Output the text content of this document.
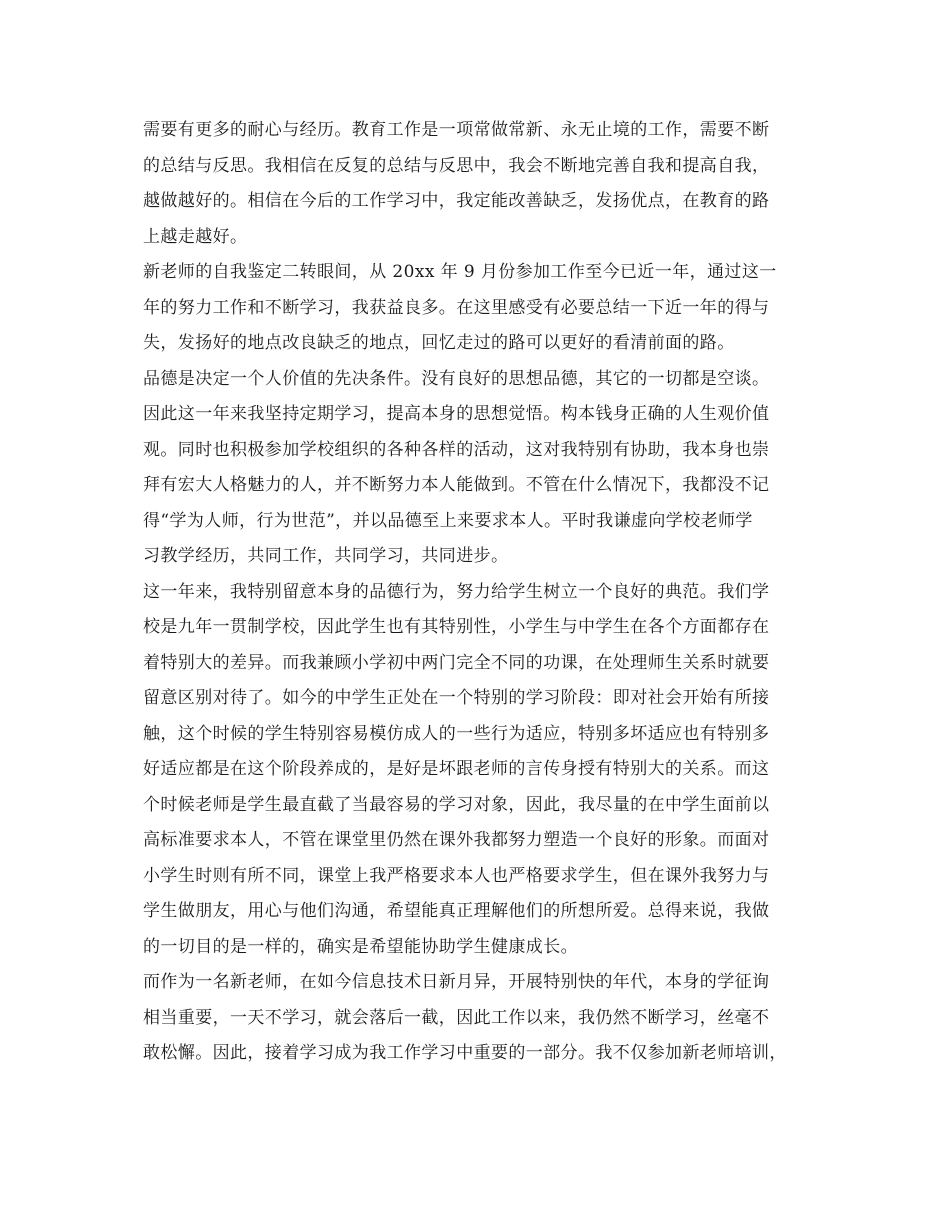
需要有更多的耐心与经历。教育工作是一项常做常新、永无止境的工作，需要不断
的总结与反思。我相信在反复的总结与反思中，我会不断地完善自我和提高自我，
越做越好的。相信在今后的工作学习中，我定能改善缺乏，发扬优点，在教育的路
上越走越好。
新老师的自我鉴定二转眼间，从 20xx 年 9 月份参加工作至今已近一年，通过这一
年的努力工作和不断学习，我获益良多。在这里感受有必要总结一下近一年的得与
失，发扬好的地点改良缺乏的地点，回忆走过的路可以更好的看清前面的路。
品德是决定一个人价值的先决条件。没有良好的思想品德，其它的一切都是空谈。
因此这一年来我坚持定期学习，提高本身的思想觉悟。构本钱身正确的人生观价值
观。同时也积极参加学校组织的各种各样的活动，这对我特别有协助，我本身也崇
拜有宏大人格魅力的人，并不断努力本人能做到。不管在什么情况下，我都没不记
得“学为人师，行为世范”，并以品德至上来要求本人。平时我谦虚向学校老师学
习教学经历，共同工作，共同学习，共同进步。
这一年来，我特别留意本身的品德行为，努力给学生树立一个良好的典范。我们学
校是九年一贯制学校，因此学生也有其特别性，小学生与中学生在各个方面都存在
着特别大的差异。而我兼顾小学初中两门完全不同的功课，在处理师生关系时就要
留意区别对待了。如今的中学生正处在一个特别的学习阶段：即对社会开始有所接
触，这个时候的学生特别容易模仿成人的一些行为适应，特别多坏适应也有特别多
好适应都是在这个阶段养成的，是好是坏跟老师的言传身授有特别大的关系。而这
个时候老师是学生最直截了当最容易的学习对象，因此，我尽量的在中学生面前以
高标准要求本人，不管在课堂里仍然在课外我都努力塑造一个良好的形象。而面对
小学生时则有所不同，课堂上我严格要求本人也严格要求学生，但在课外我努力与
学生做朋友，用心与他们沟通，希望能真正理解他们的所想所爱。总得来说，我做
的一切目的是一样的，确实是希望能协助学生健康成长。
而作为一名新老师，在如今信息技术日新月异，开展特别快的年代，本身的学征询
相当重要，一天不学习，就会落后一截，因此工作以来，我仍然不断学习，丝毫不
敢松懈。因此，接着学习成为我工作学习中重要的一部分。我不仅参加新老师培训，
